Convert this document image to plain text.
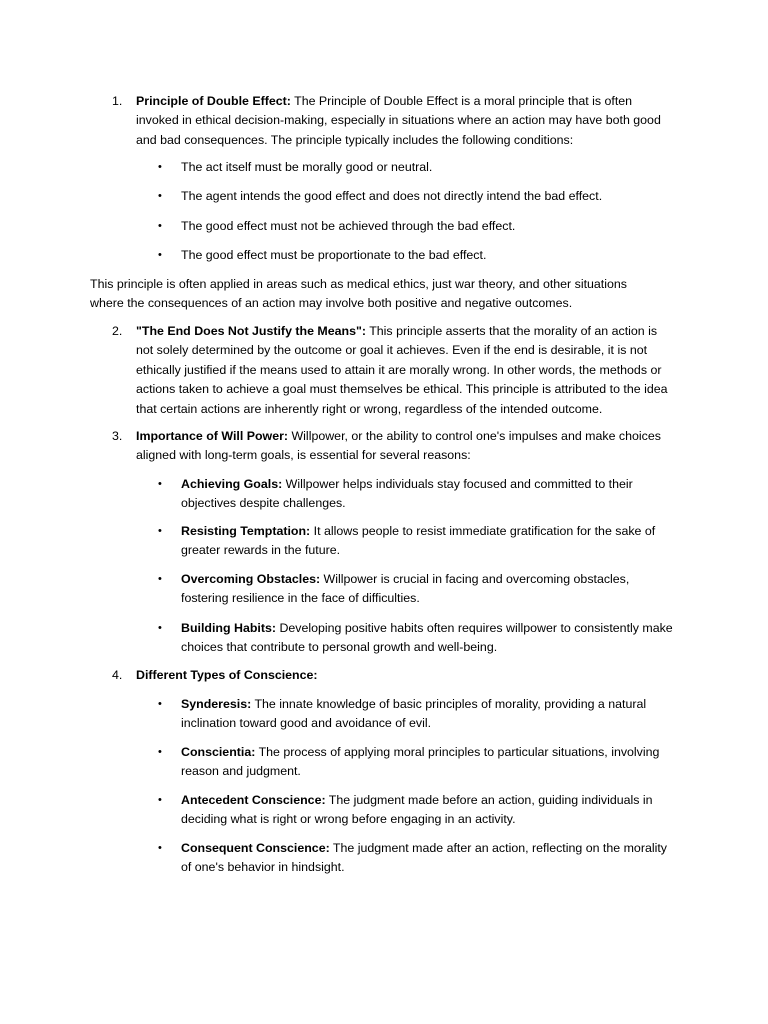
1. Principle of Double Effect: The Principle of Double Effect is a moral principle that is often invoked in ethical decision-making, especially in situations where an action may have both good and bad consequences. The principle typically includes the following conditions:
• The act itself must be morally good or neutral.
• The agent intends the good effect and does not directly intend the bad effect.
• The good effect must not be achieved through the bad effect.
• The good effect must be proportionate to the bad effect.
This principle is often applied in areas such as medical ethics, just war theory, and other situations where the consequences of an action may involve both positive and negative outcomes.
2. "The End Does Not Justify the Means": This principle asserts that the morality of an action is not solely determined by the outcome or goal it achieves. Even if the end is desirable, it is not ethically justified if the means used to attain it are morally wrong. In other words, the methods or actions taken to achieve a goal must themselves be ethical. This principle is attributed to the idea that certain actions are inherently right or wrong, regardless of the intended outcome.
3. Importance of Will Power: Willpower, or the ability to control one's impulses and make choices aligned with long-term goals, is essential for several reasons:
• Achieving Goals: Willpower helps individuals stay focused and committed to their objectives despite challenges.
• Resisting Temptation: It allows people to resist immediate gratification for the sake of greater rewards in the future.
• Overcoming Obstacles: Willpower is crucial in facing and overcoming obstacles, fostering resilience in the face of difficulties.
• Building Habits: Developing positive habits often requires willpower to consistently make choices that contribute to personal growth and well-being.
4. Different Types of Conscience:
• Synderesis: The innate knowledge of basic principles of morality, providing a natural inclination toward good and avoidance of evil.
• Conscientia: The process of applying moral principles to particular situations, involving reason and judgment.
• Antecedent Conscience: The judgment made before an action, guiding individuals in deciding what is right or wrong before engaging in an activity.
• Consequent Conscience: The judgment made after an action, reflecting on the morality of one's behavior in hindsight.
